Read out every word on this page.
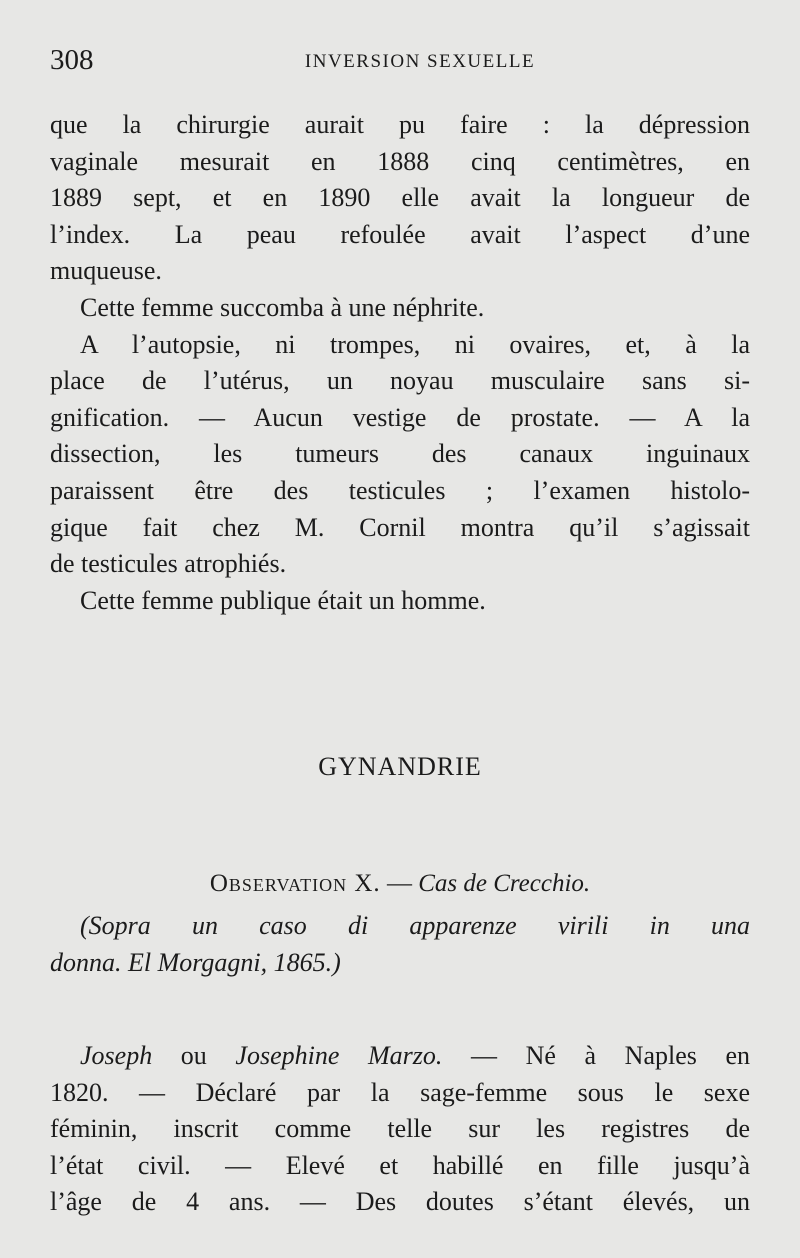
308	INVERSION SEXUELLE
que la chirurgie aurait pu faire : la dépression
vaginale mesurait en 1888 cinq centimètres, en
1889 sept, et en 1890 elle avait la longueur de
l’index. La peau refoulée avait l’aspect d’une
muqueuse.
Cette femme succomba à une néphrite.
A l’autopsie, ni trompes, ni ovaires, et, à la
place de l’utérus, un noyau musculaire sans si-
gnification. — Aucun vestige de prostate. — A la
dissection, les tumeurs des canaux inguinaux
paraissent être des testicules ; l’examen histolo-
gique fait chez M. Cornil montra qu’il s’agissait
de testicules atrophiés.
Cette femme publique était un homme.
GYNANDRIE
Observation X. — Cas de Crecchio.
(Sopra un caso di apparenze virili in una
donna. El Morgagni, 1865.)
Joseph ou Josephine Marzo. — Né à Naples en
1820. — Déclaré par la sage-femme sous le sexe
féminin, inscrit comme telle sur les registres de
l’état civil. — Elevé et habillé en fille jusqu’à
l’âge de 4 ans. — Des doutes s’étant élevés, un
